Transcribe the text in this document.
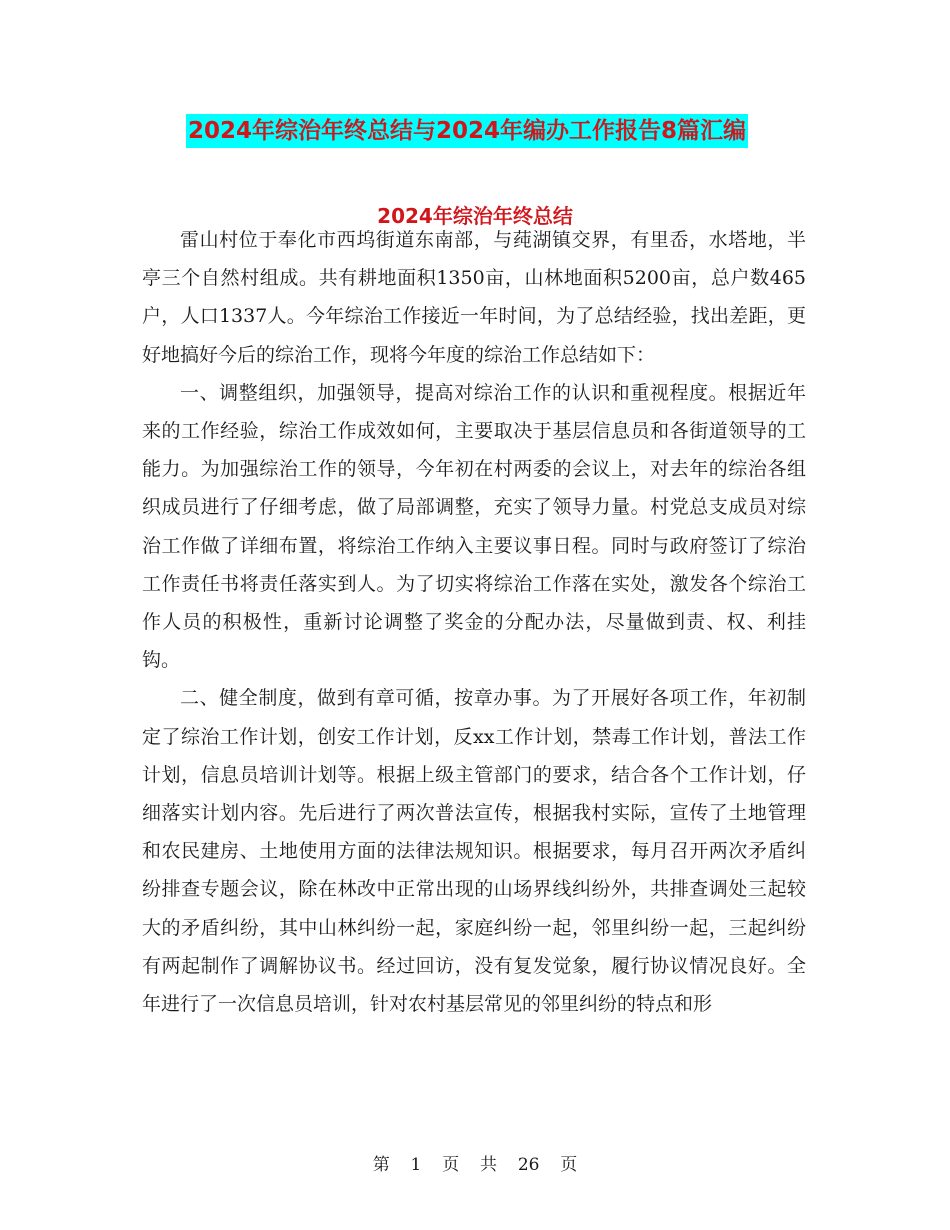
2024年综治年终总结与2024年编办工作报告8篇汇编
2024年综治年终总结

雷山村位于奉化市西坞街道东南部，与莼湖镇交界，有里岙，水塔地，半亭三个自然村组成。共有耕地面积1350亩，山林地面积5200亩，总户数465户，人口1337人。今年综治工作接近一年时间，为了总结经验，找出差距，更好地搞好今后的综治工作，现将今年度的综治工作总结如下：

一、调整组织，加强领导，提高对综治工作的认识和重视程度。根据近年来的工作经验，综治工作成效如何，主要取决于基层信息员和各街道领导的工能力。为加强综治工作的领导，今年初在村两委的会议上，对去年的综治各组织成员进行了仔细考虑，做了局部调整，充实了领导力量。村党总支成员对综治工作做了详细布置，将综治工作纳入主要议事日程。同时与政府签订了综治工作责任书将责任落实到人。为了切实将综治工作落在实处，激发各个综治工作人员的积极性，重新讨论调整了奖金的分配办法，尽量做到责、权、利挂钩。

二、健全制度，做到有章可循，按章办事。为了开展好各项工作，年初制定了综治工作计划，创安工作计划，反xx工作计划，禁毒工作计划，普法工作计划，信息员培训计划等。根据上级主管部门的要求，结合各个工作计划，仔细落实计划内容。先后进行了两次普法宣传，根据我村实际，宣传了土地管理和农民建房、土地使用方面的法律法规知识。根据要求，每月召开两次矛盾纠纷排查专题会议，除在林改中正常出现的山场界线纠纷外，共排查调处三起较大的矛盾纠纷，其中山林纠纷一起，家庭纠纷一起，邻里纠纷一起，三起纠纷有两起制作了调解协议书。经过回访，没有复发觉象，履行协议情况良好。全年进行了一次信息员培训，针对农村基层常见的邻里纠纷的特点和形

第 1 页 共 26 页
